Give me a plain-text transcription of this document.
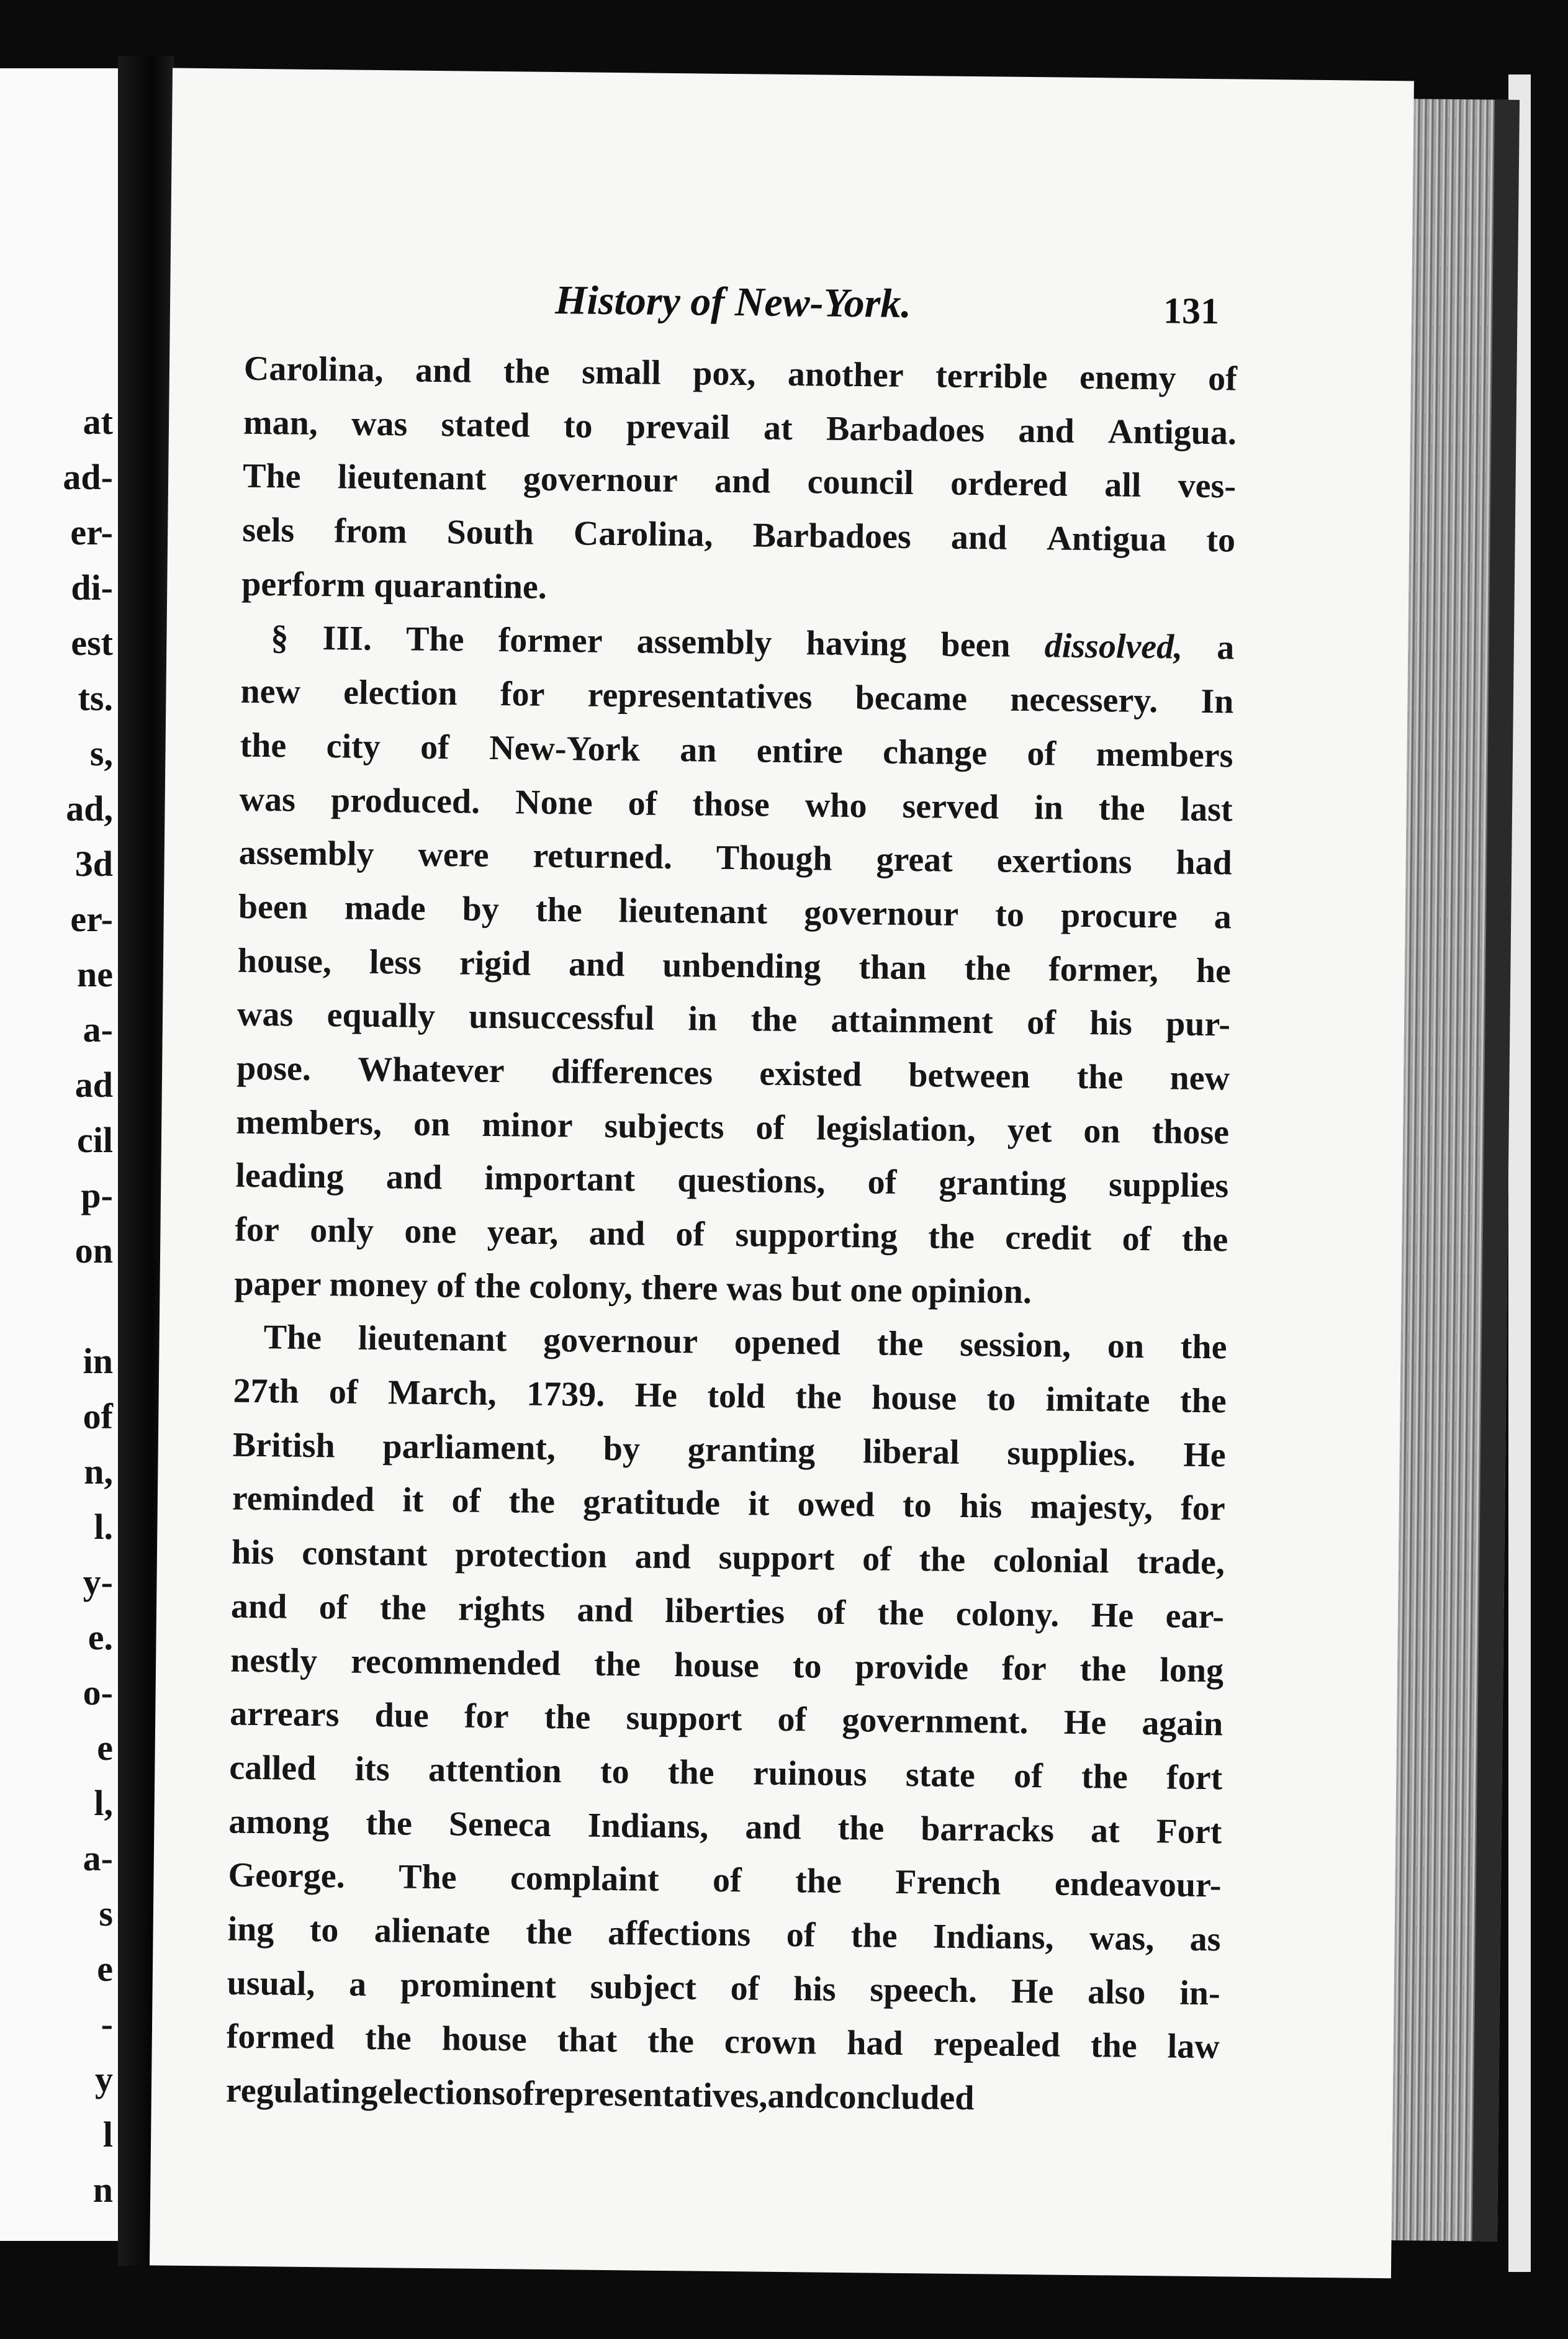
at
ad-
er-
di-
est
ts.
s,
ad,
3d
er-
ne
a-
ad
cil
p-
on
in
of
n,
l.
y-
e.
o-
e
l,
a-
s
e
-
y
l
n
History of New-York.	131
Carolina, and the small pox, another terrible enemy of
man, was stated to prevail at Barbadoes and Antigua.
The lieutenant governour and council ordered all ves-
sels from South Carolina, Barbadoes and Antigua to
perform quarantine.
§ III. The former assembly having been dissolved, a
new election for representatives became necessery. In
the city of New-York an entire change of members
was produced. None of those who served in the last
assembly were returned. Though great exertions had
been made by the lieutenant governour to procure a
house, less rigid and unbending than the former, he
was equally unsuccessful in the attainment of his pur-
pose. Whatever differences existed between the new
members, on minor subjects of legislation, yet on those
leading and important questions, of granting supplies
for only one year, and of supporting the credit of the
paper money of the colony, there was but one opinion.
The lieutenant governour opened the session, on the
27th of March, 1739. He told the house to imitate the
British parliament, by granting liberal supplies. He
reminded it of the gratitude it owed to his majesty, for
his constant protection and support of the colonial trade,
and of the rights and liberties of the colony. He ear-
nestly recommended the house to provide for the long
arrears due for the support of government. He again
called its attention to the ruinous state of the fort
among the Seneca Indians, and the barracks at Fort
George. The complaint of the French endeavour-
ing to alienate the affections of the Indians, was, as
usual, a prominent subject of his speech. He also in-
formed the house that the crown had repealed the law
regulating elections of representatives, and concluded
